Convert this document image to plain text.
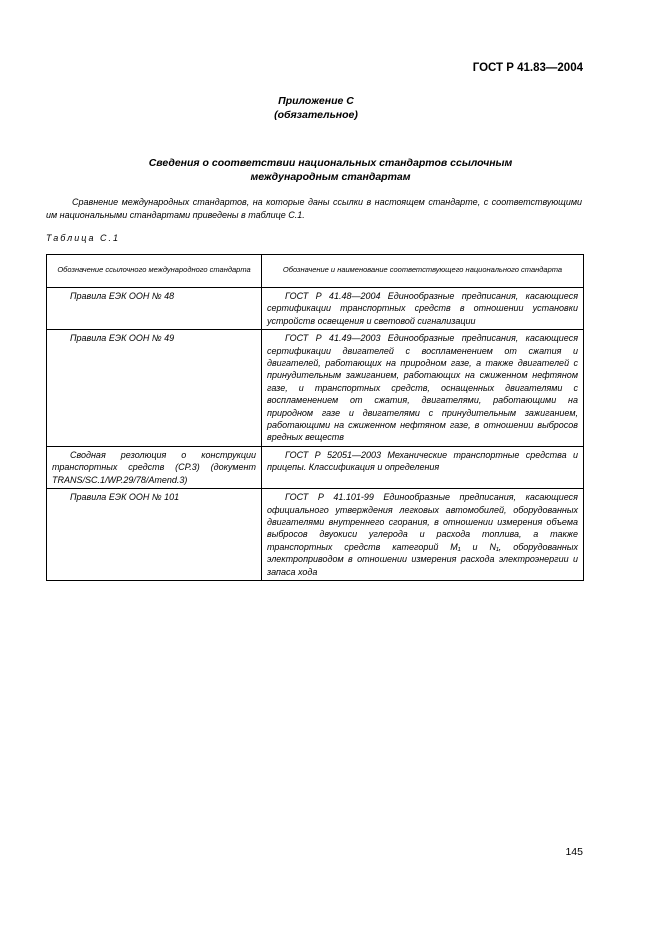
ГОСТ Р 41.83—2004
Приложение С
(обязательное)
Сведения о соответствии национальных стандартов ссылочным
международным стандартам

Сравнение международных стандартов, на которые даны ссылки в настоящем стандарте, с соответствующими им национальными стандартами приведены в таблице С.1.

Таблица С.1
Обозначение ссылочного международного стандарта	Обозначение и наименование соответствующего национального стандарта
Правила ЕЭК ООН № 48	ГОСТ Р 41.48—2004 Единообразные предписания, касающиеся сертификации транспортных средств в отношении установки устройств освещения и световой сигнализации
Правила ЕЭК ООН № 49	ГОСТ Р 41.49—2003 Единообразные предписания, касающиеся сертификации двигателей с воспламенением от сжатия и двигателей, работающих на природном газе, а также двигателей с принудительным зажиганием, работающих на сжиженном нефтяном газе, и транспортных средств, оснащенных двигателями с воспламенением от сжатия, двигателями, работающими на природном газе и двигателями с принудительным зажиганием, работающими на сжиженном нефтяном газе, в отношении выбросов вредных веществ
Сводная резолюция о конструкции транспортных средств (СР.3) (документ TRANS/SC.1/WP.29/78/Amend.3)	ГОСТ Р 52051—2003 Механические транспортные средства и прицепы. Классификация и определения
Правила ЕЭК ООН № 101	ГОСТ Р 41.101-99 Единообразные предписания, касающиеся официального утверждения легковых автомобилей, оборудованных двигателями внутреннего сгорания, в отношении измерения объема выбросов двуокиси углерода и расхода топлива, а также транспортных средств категорий M₁ и N₁, оборудованных электроприводом в отношении измерения расхода электроэнергии и запаса хода
145
